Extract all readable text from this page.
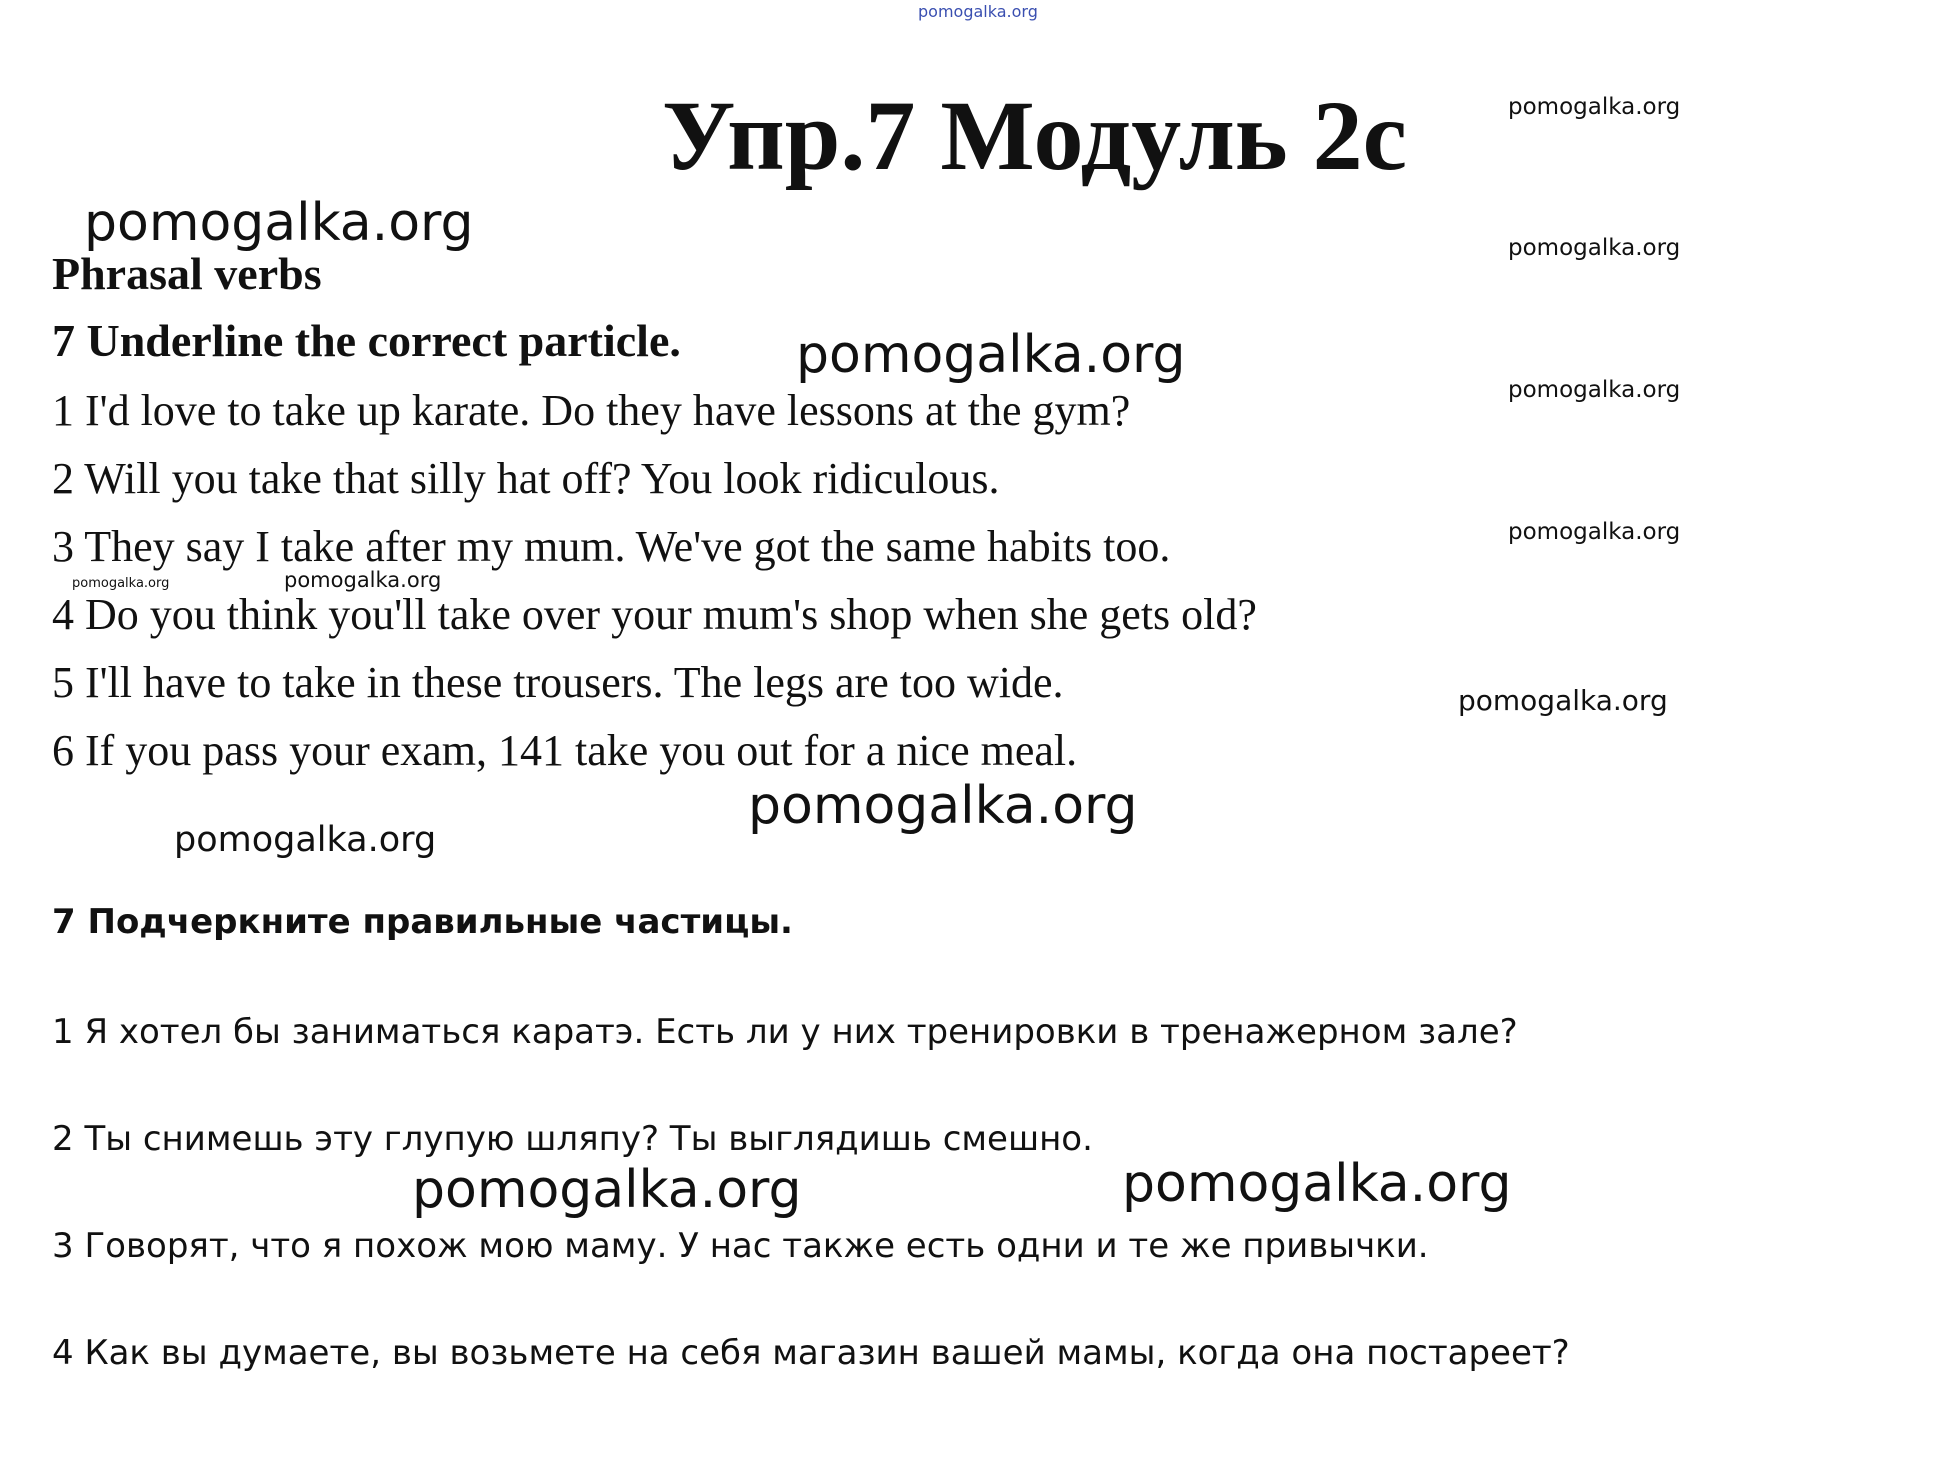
pomogalka.org
Упр.7 Модуль 2c	pomogalka.org
pomogalka.org
pomogalka.org
pomogalka.org
pomogalka.org
pomogalka.org
pomogalka.org
pomogalka.org	pomogalka.org
pomogalka.org
pomogalka.org
pomogalka.org	pomogalka.org
Phrasal verbs
7 Underline the correct particle.
1 I'd love to take up karate. Do they have lessons at the gym?
2 Will you take that silly hat off? You look ridiculous.
3 They say I take after my mum. We've got the same habits too.
4 Do you think you'll take over your mum's shop when she gets old?
5 I'll have to take in these trousers. The legs are too wide.
6 If you pass your exam, 141 take you out for a nice meal.
7 Подчеркните правильные частицы.
1 Я хотел бы заниматься каратэ. Есть ли у них тренировки в тренажерном зале?
2 Ты снимешь эту глупую шляпу? Ты выглядишь смешно.
3 Говорят, что я похож мою маму. У нас также есть одни и те же привычки.
4 Как вы думаете, вы возьмете на себя магазин вашей мамы, когда она постареет?
